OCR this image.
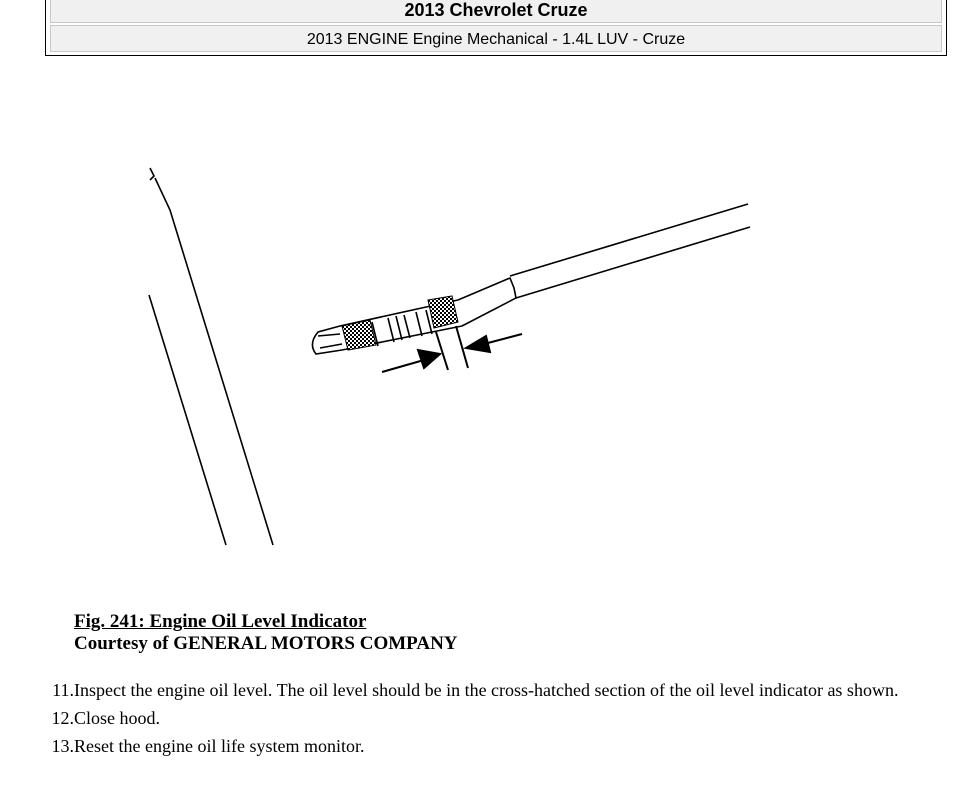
2013 Chevrolet Cruze
2013 ENGINE Engine Mechanical - 1.4L LUV - Cruze
Fig. 241: Engine Oil Level Indicator
Courtesy of GENERAL MOTORS COMPANY
11. Inspect the engine oil level. The oil level should be in the cross-hatched section of the oil level indicator as shown.
12. Close hood.
13. Reset the engine oil life system monitor.
